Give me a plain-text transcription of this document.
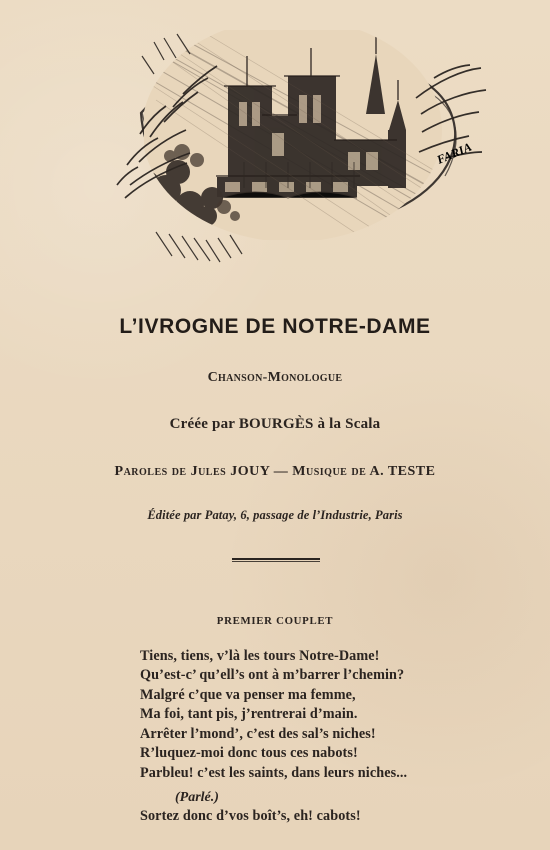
FARIA
L’IVROGNE DE NOTRE-DAME
Chanson-Monologue
Créée par BOURGÈS à la Scala
Paroles de Jules JOUY — Musique de A. TESTE
Éditée par Patay, 6, passage de l’Industrie, Paris
PREMIER COUPLET
Tiens, tiens, v’là les tours Notre-Dame!
Qu’est-c’ qu’ell’s ont à m’barrer l’chemin?
Malgré c’que va penser ma femme,
Ma foi, tant pis, j’rentrerai d’main.
Arrêter l’mond’, c’est des sal’s niches!
R’luquez-moi donc tous ces nabots!
Parbleu! c’est les saints, dans leurs niches...
Sortez donc d’vos boît’s, eh! cabots!
(Parlé.)
